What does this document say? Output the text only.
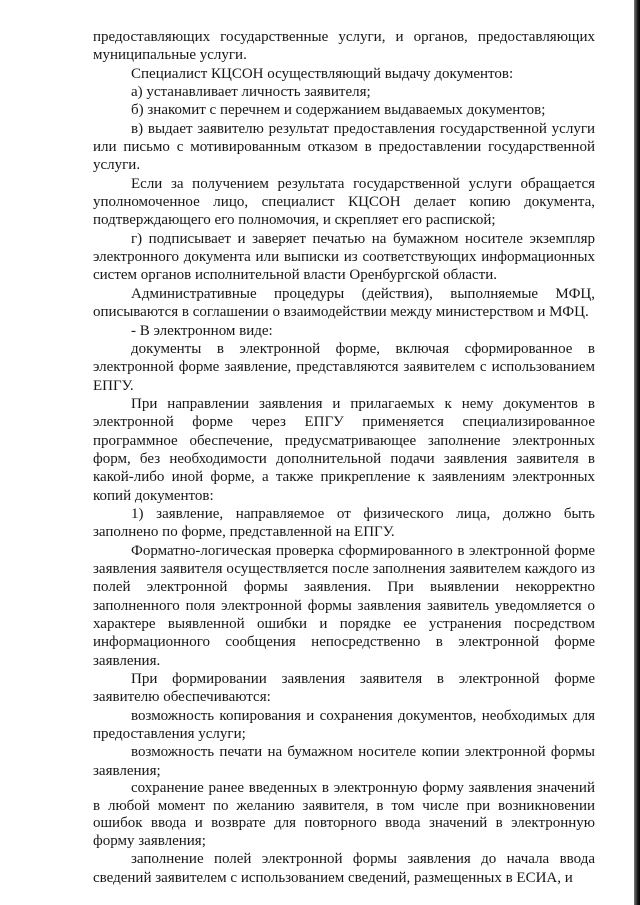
предоставляющих государственные услуги, и органов, предоставляющих муниципальные услуги.

Специалист КЦСОН осуществляющий выдачу документов:

а) устанавливает личность заявителя;

б) знакомит с перечнем и содержанием выдаваемых документов;

в) выдает заявителю результат предоставления государственной услуги или письмо с мотивированным отказом в предоставлении государственной услуги.

Если за получением результата государственной услуги обращается уполномоченное лицо, специалист КЦСОН делает копию документа, подтверждающего его полномочия, и скрепляет его распиской;

г) подписывает и заверяет печатью на бумажном носителе экземпляр электронного документа или выписки из соответствующих информационных систем органов исполнительной власти Оренбургской области.

Административные процедуры (действия), выполняемые МФЦ, описываются в соглашении о взаимодействии между министерством и МФЦ.

- В электронном виде:

документы в электронной форме, включая сформированное в электронной форме заявление, представляются заявителем с использованием ЕПГУ.

При направлении заявления и прилагаемых к нему документов в электронной форме через ЕПГУ применяется специализированное программное обеспечение, предусматривающее заполнение электронных форм, без необходимости дополнительной подачи заявления заявителя в какой-либо иной форме, а также прикрепление к заявлениям электронных копий документов:

1) заявление, направляемое от физического лица, должно быть заполнено по форме, представленной на ЕПГУ.

Форматно-логическая проверка сформированного в электронной форме заявления заявителя осуществляется после заполнения заявителем каждого из полей электронной формы заявления. При выявлении некорректно заполненного поля электронной формы заявления заявитель уведомляется о характере выявленной ошибки и порядке ее устранения посредством информационного сообщения непосредственно в электронной форме заявления.

При формировании заявления заявителя в электронной форме заявителю обеспечиваются:

возможность копирования и сохранения документов, необходимых для предоставления услуги;

возможность печати на бумажном носителе копии электронной формы заявления;

сохранение ранее введенных в электронную форму заявления значений в любой момент по желанию заявителя, в том числе при возникновении ошибок ввода и возврате для повторного ввода значений в электронную форму заявления;

заполнение полей электронной формы заявления до начала ввода сведений заявителем с использованием сведений, размещенных в ЕСИА, и
